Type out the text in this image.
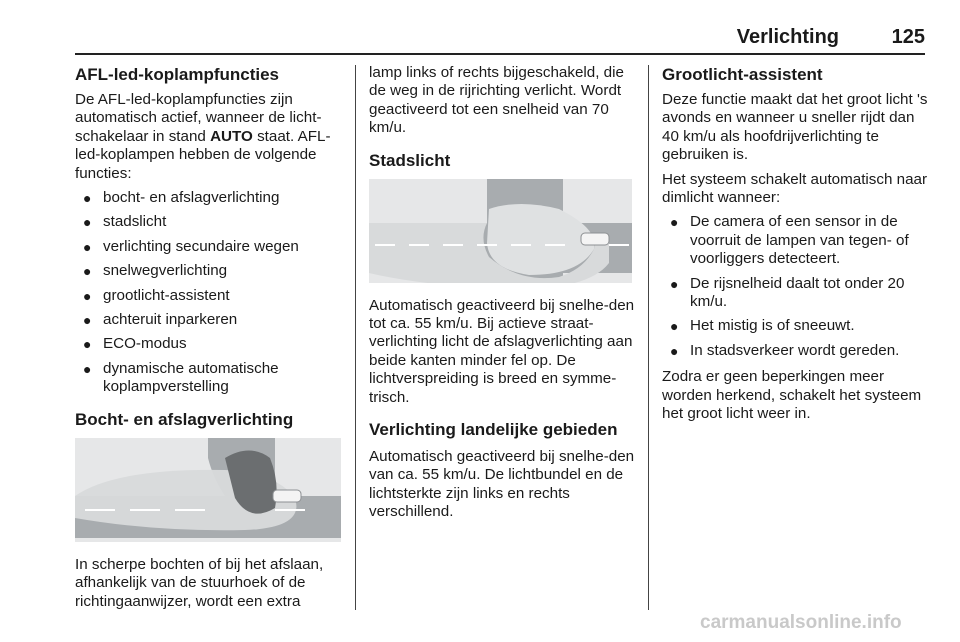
Verlichting	125
AFL-led-koplampfuncties

De AFL-led-koplampfuncties zijn automatisch actief, wanneer de licht-schakelaar in stand AUTO staat. AFL-led-koplampen hebben de volgende functies:

● bocht- en afslagverlichting
● stadslicht
● verlichting secundaire wegen
● snelwegverlichting
● grootlicht-assistent
● achteruit inparkeren
● ECO-modus
● dynamische automatische koplampverstelling
Bocht- en afslagverlichting

In scherpe bochten of bij het afslaan, afhankelijk van de stuurhoek of de richtingaanwijzer, wordt een extra

lamp links of rechts bijgeschakeld, die de weg in de rijrichting verlicht. Wordt geactiveerd tot een snelheid van 70 km/u.

Stadslicht

Automatisch geactiveerd bij snelhe-den tot ca. 55 km/u. Bij actieve straat-verlichting licht de afslagverlichting aan beide kanten minder fel op. De lichtverspreiding is breed en symme-trisch.

Verlichting landelijke gebieden

Automatisch geactiveerd bij snelhe-den van ca. 55 km/u. De lichtbundel en de lichtsterkte zijn links en rechts verschillend.

Grootlicht-assistent

Deze functie maakt dat het groot licht 's avonds en wanneer u sneller rijdt dan 40 km/u als hoofdrijverlichting te gebruiken is.

Het systeem schakelt automatisch naar dimlicht wanneer:

● De camera of een sensor in de voorruit de lampen van tegen- of voorliggers detecteert.
● De rijsnelheid daalt tot onder 20 km/u.
● Het mistig is of sneeuwt.
● In stadsverkeer wordt gereden.

Zodra er geen beperkingen meer worden herkend, schakelt het systeem het groot licht weer in.

carmanualsonline.info
